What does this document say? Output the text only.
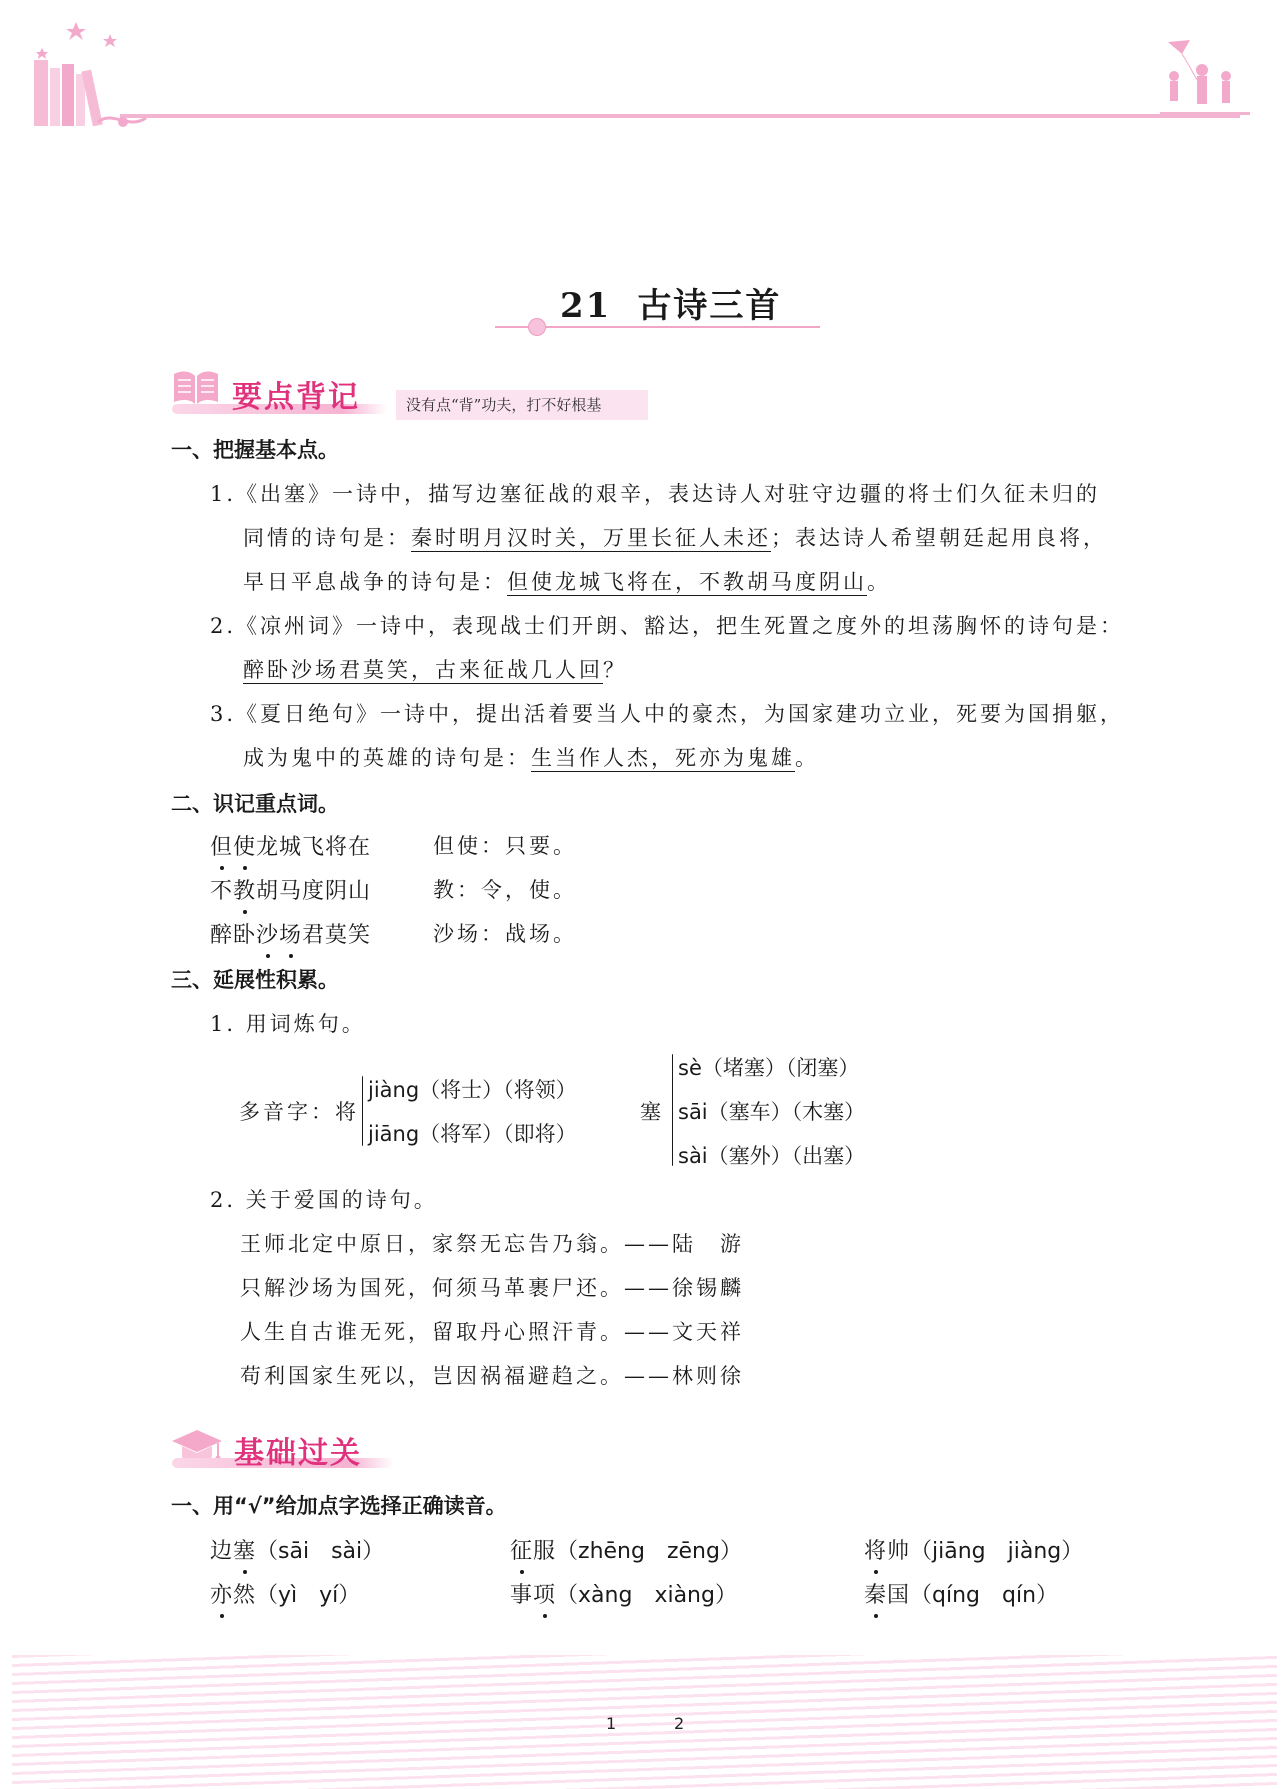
21 古诗三首
要点背记	没有点“背”功夫，打不好根基
一、把握基本点。
1.《出塞》一诗中，描写边塞征战的艰辛，表达诗人对驻守边疆的将士们久征未归的
同情的诗句是：秦时明月汉时关，万里长征人未还；表达诗人希望朝廷起用良将，
早日平息战争的诗句是：但使龙城飞将在，不教胡马度阴山。
2.《凉州词》一诗中，表现战士们开朗、豁达，把生死置之度外的坦荡胸怀的诗句是：
醉卧沙场君莫笑，古来征战几人回？
3.《夏日绝句》一诗中，提出活着要当人中的豪杰，为国家建功立业，死要为国捐躯，
成为鬼中的英雄的诗句是：生当作人杰，死亦为鬼雄。
二、识记重点词。
但使龙城飞将在	但使：只要。
不教胡马度阴山	教：令，使。
醉卧沙场君莫笑	沙场：战场。
三、延展性积累。
1. 用词炼句。
多音字：将
jiàng（将士）（将领）
jiāng（将军）（即将）
塞
sè（堵塞）（闭塞）
sāi（塞车）（木塞）
sài（塞外）（出塞）
2. 关于爱国的诗句。
王师北定中原日，家祭无忘告乃翁。——陆　游
只解沙场为国死，何须马革裹尸还。——徐锡麟
人生自古谁无死，留取丹心照汗青。——文天祥
苟利国家生死以，岂因祸福避趋之。——林则徐
基础过关
一、用“√”给加点字选择正确读音。
边塞（sāi　sài）	征服（zhēng　zēng）	将帅（jiāng　jiàng）
亦然（yì　yí）	事项（xàng　xiàng）	秦国（qíng　qín）
1	2
